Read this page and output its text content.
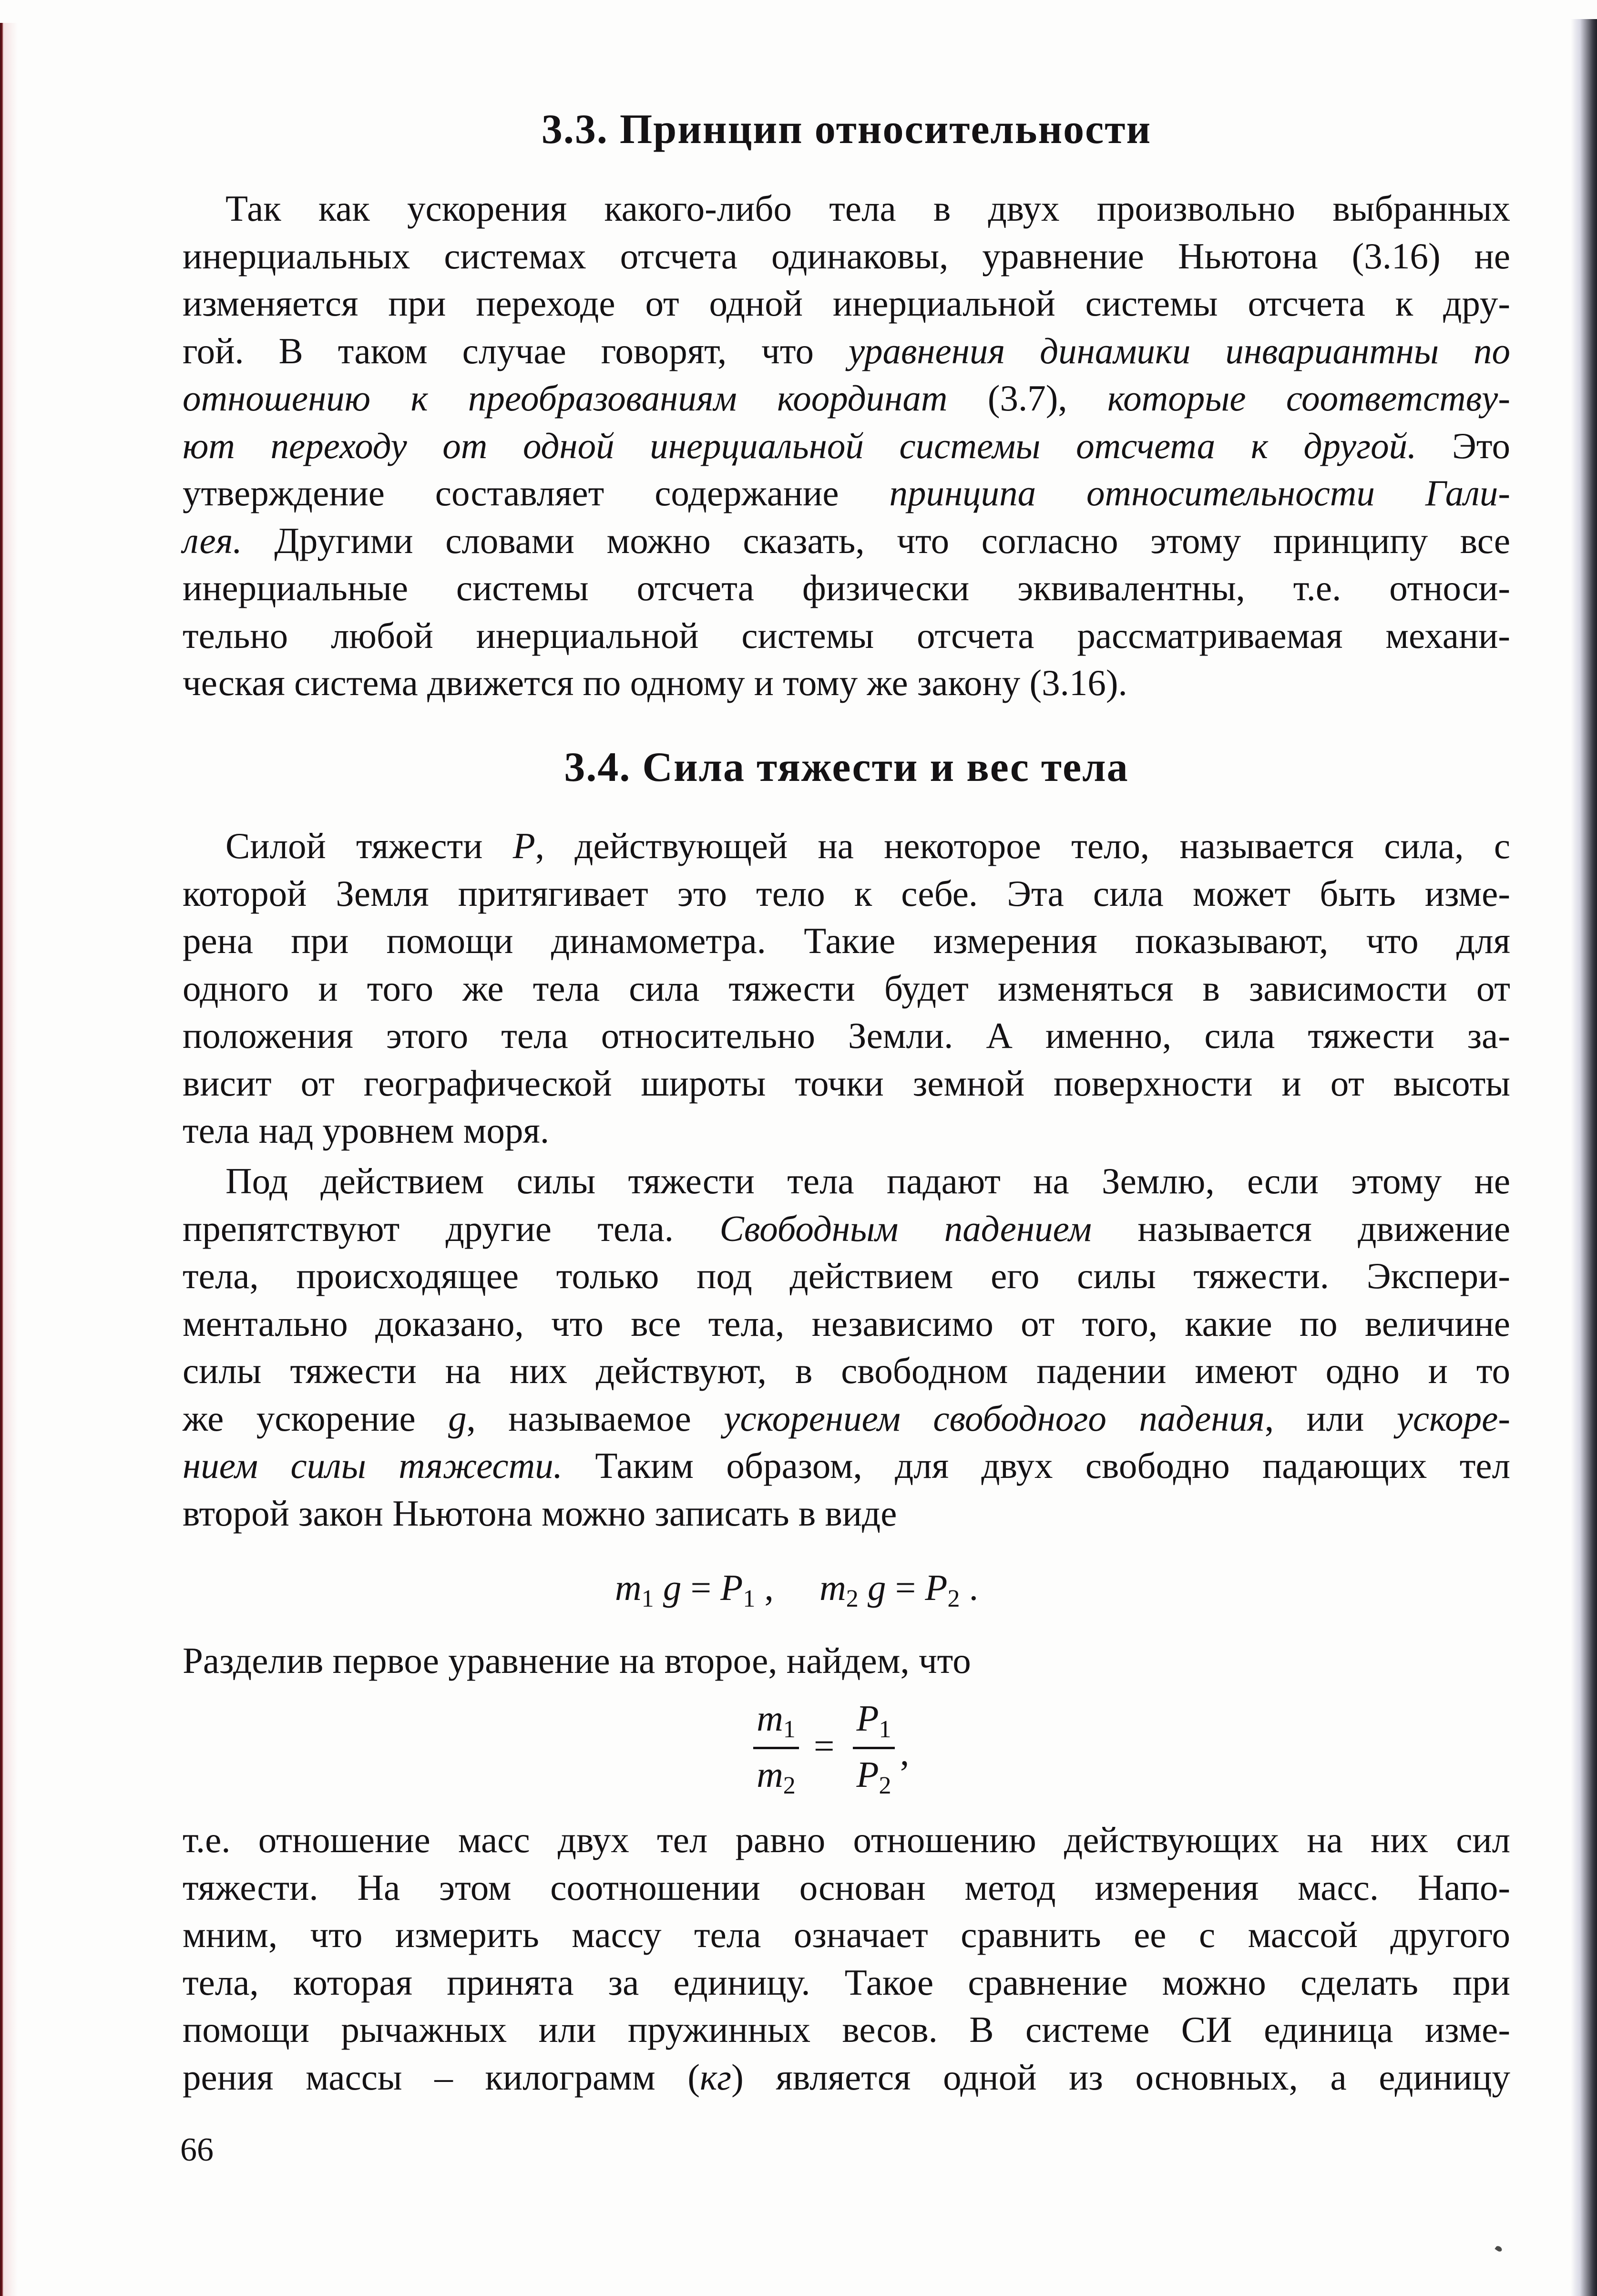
3.3. Принцип относительности
Так как ускорения какого-либо тела в двух произвольно выбранных
инерциальных системах отсчета одинаковы, уравнение Ньютона (3.16) не
изменяется при переходе от одной инерциальной системы отсчета к дру-
гой. В таком случае говорят, что уравнения динамики инвариантны по
отношению к преобразованиям координат (3.7), которые соответству-
ют переходу от одной инерциальной системы отсчета к другой. Это
утверждение составляет содержание принципа относительности Гали-
лея. Другими словами можно сказать, что согласно этому принципу все
инерциальные системы отсчета физически эквивалентны, т.е. относи-
тельно любой инерциальной системы отсчета рассматриваемая механи-
ческая система движется по одному и тому же закону (3.16).
3.4. Сила тяжести и вес тела
Силой тяжести P, действующей на некоторое тело, называется сила, с
которой Земля притягивает это тело к себе. Эта сила может быть изме-
рена при помощи динамометра. Такие измерения показывают, что для
одного и того же тела сила тяжести будет изменяться в зависимости от
положения этого тела относительно Земли. А именно, сила тяжести за-
висит от географической широты точки земной поверхности и от высоты
тела над уровнем моря.
Под действием силы тяжести тела падают на Землю, если этому не
препятствуют другие тела. Свободным падением называется движение
тела, происходящее только под действием его силы тяжести. Экспери-
ментально доказано, что все тела, независимо от того, какие по величине
силы тяжести на них действуют, в свободном падении имеют одно и то
же ускорение g, называемое ускорением свободного падения, или ускоре-
нием силы тяжести. Таким образом, для двух свободно падающих тел
второй закон Ньютона можно записать в виде
$m_1$ $g = P_1$ , $m_2$ $g = P_2$ .
Разделив первое уравнение на второе, найдем, что
$m_1$
$m_2$
=
$P_1$
$P_2$
,
т.е. отношение масс двух тел равно отношению действующих на них сил
тяжести. На этом соотношении основан метод измерения масс. Напо-
мним, что измерить массу тела означает сравнить ее с массой другого
тела, которая принята за единицу. Такое сравнение можно сделать при
помощи рычажных или пружинных весов. В системе СИ единица изме-
рения массы – килограмм (кг) является одной из основных, а единицу
66
